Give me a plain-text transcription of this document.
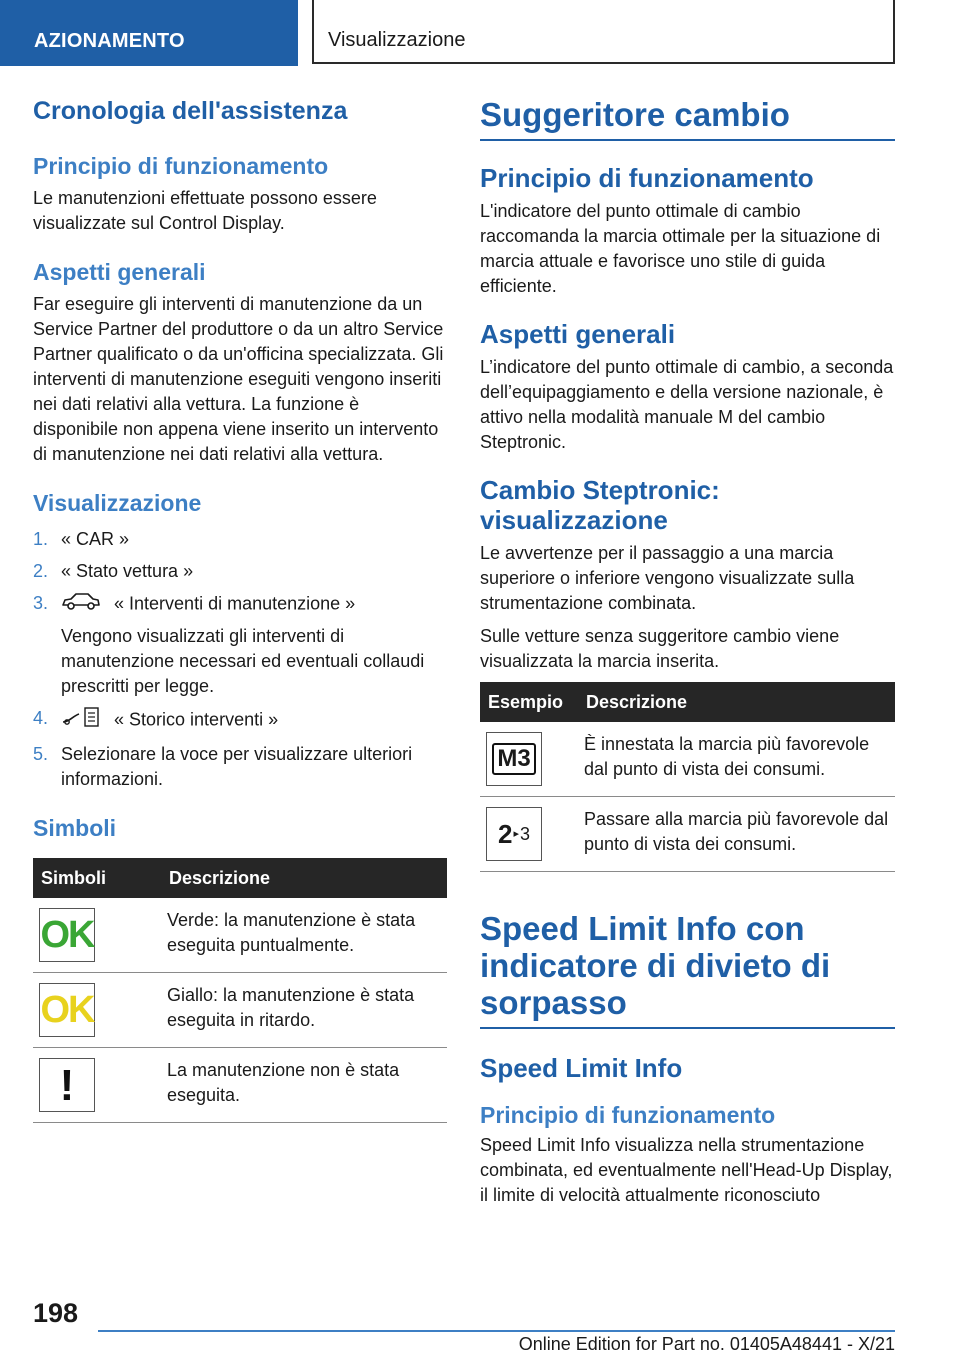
AZIONAMENTO	Visualizzazione
Cronologia dell'assistenza
Principio di funzionamento

Le manutenzioni effettuate possono essere visualizzate sul Control Display.

Aspetti generali

Far eseguire gli interventi di manutenzione da un Service Partner del produttore o da un altro Service Partner qualificato o da un'officina specializzata. Gli interventi di manutenzione eseguiti vengono inseriti nei dati relativi alla vettura. La funzione è disponibile non appena viene inserito un intervento di manutenzione nei dati relativi alla vettura.

Visualizzazione
1. « CAR »
2. « Stato vettura »
3.	« Interventi di manutenzione »
Vengono visualizzati gli interventi di manutenzione necessari ed eventuali collaudi prescritti per legge.
4.	« Storico interventi »
5. Selezionare la voce per visualizzare ulteriori informazioni.
Simboli
Simboli	Descrizione

OK	Verde: la manutenzione è stata eseguita puntualmente.

OK	Giallo: la manutenzione è stata eseguita in ritardo.

!	La manutenzione non è stata eseguita.
Suggeritore cambio
Principio di funzionamento

L'indicatore del punto ottimale di cambio raccomanda la marcia ottimale per la situazione di marcia attuale e favorisce uno stile di guida efficiente.

Aspetti generali

L’indicatore del punto ottimale di cambio, a seconda dell’equipaggiamento e della versione nazionale, è attivo nella modalità manuale M del cambio Steptronic.

Cambio Steptronic: visualizzazione

Le avvertenze per il passaggio a una marcia superiore o inferiore vengono visualizzate sulla strumentazione combinata.

Sulle vetture senza suggeritore cambio viene visualizzata la marcia inserita.

Esempio	Descrizione

M3	È innestata la marcia più favorevole dal punto di vista dei consumi.

2 ▸ 3	Passare alla marcia più favorevole dal punto di vista dei consumi.
Speed Limit Info con indicatore di divieto di sorpasso
Speed Limit Info
Principio di funzionamento

Speed Limit Info visualizza nella strumentazione combinata, ed eventualmente nell'Head-Up Display, il limite di velocità attualmente riconosciuto

198
Online Edition for Part no. 01405A48441 - X/21
